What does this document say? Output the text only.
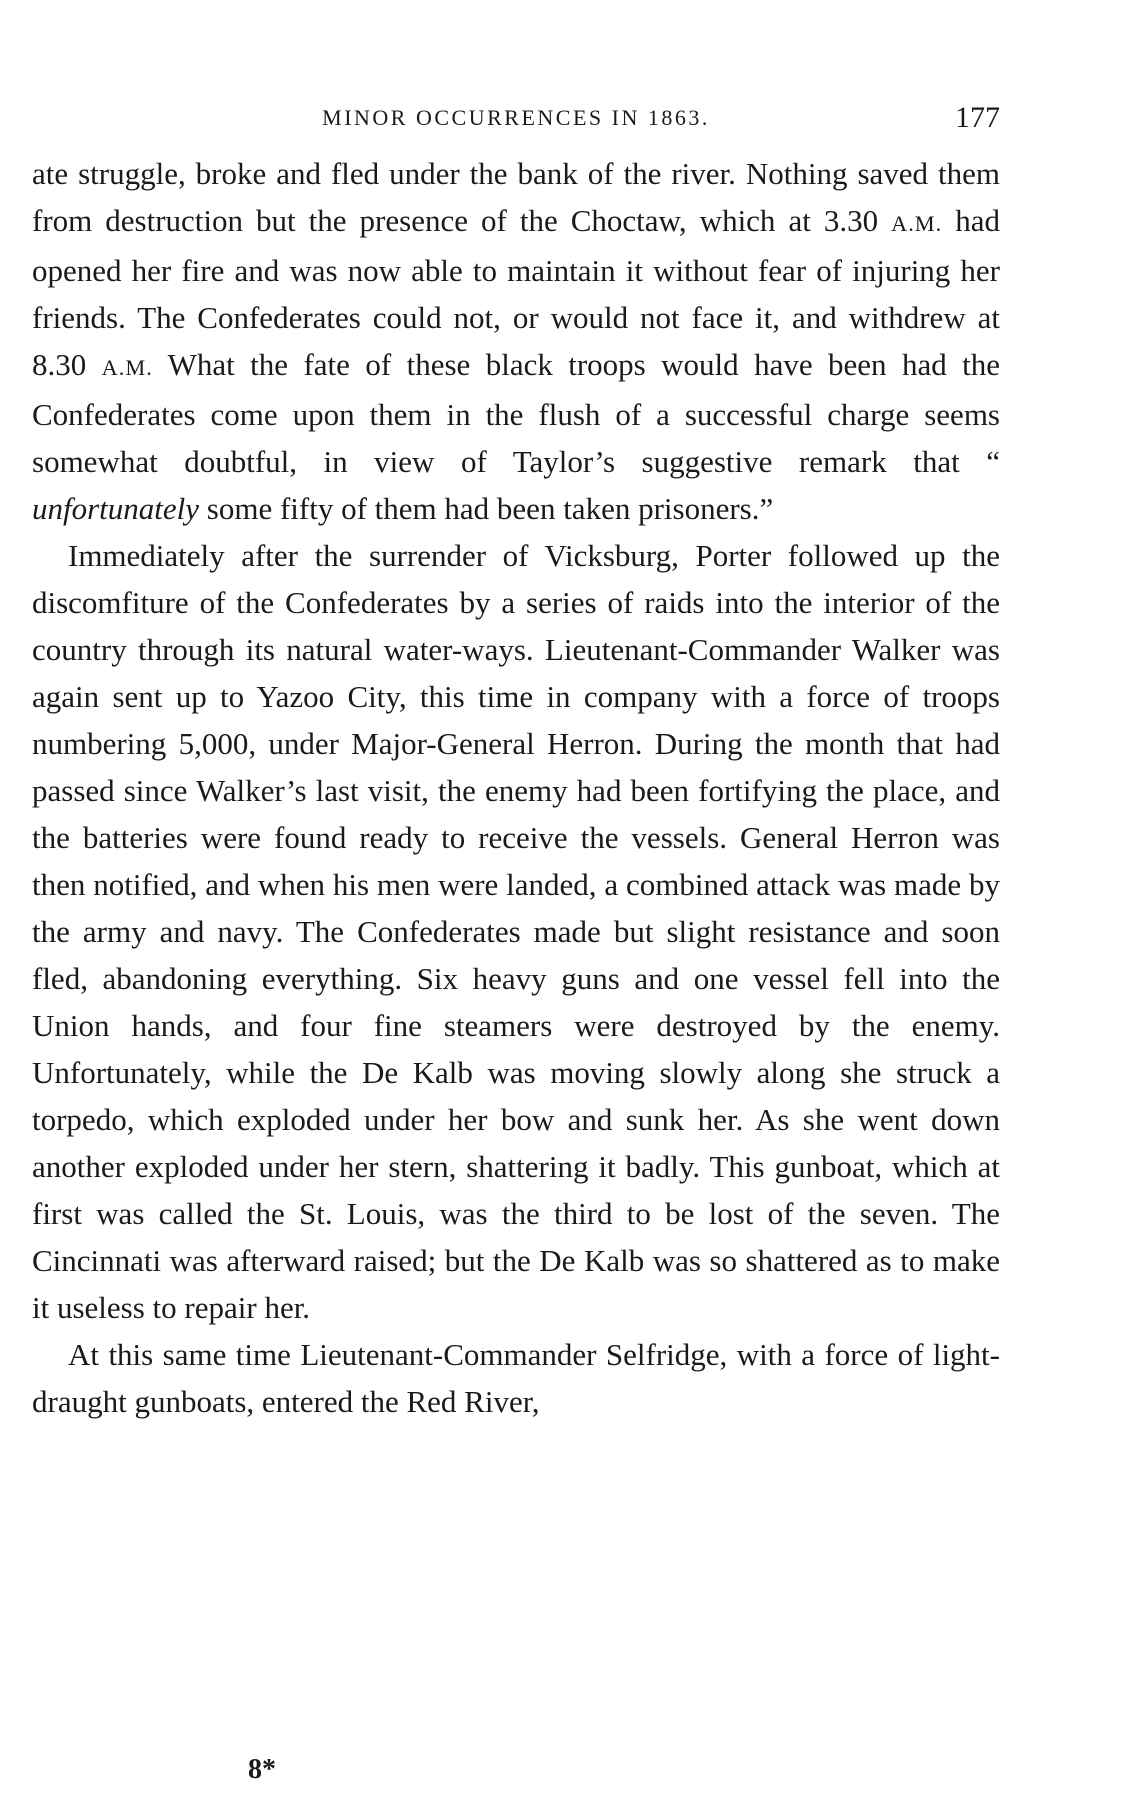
MINOR OCCURRENCES IN 1863.	177

ate struggle, broke and fled under the bank of the river. Nothing saved them from destruction but the presence of the Choctaw, which at 3.30 A.M. had opened her fire and was now able to maintain it without fear of injuring her friends. The Confederates could not, or would not face it, and withdrew at 8.30 A.M. What the fate of these black troops would have been had the Confederates come upon them in the flush of a successful charge seems somewhat doubtful, in view of Taylor’s suggestive remark that “ unfortunately some fifty of them had been taken prisoners.”

Immediately after the surrender of Vicksburg, Porter followed up the discomfiture of the Confederates by a series of raids into the interior of the country through its natural water-ways. Lieutenant-Commander Walker was again sent up to Yazoo City, this time in company with a force of troops numbering 5,000, under Major-General Herron. During the month that had passed since Walker’s last visit, the enemy had been fortifying the place, and the batteries were found ready to receive the vessels. General Herron was then notified, and when his men were landed, a combined attack was made by the army and navy. The Confederates made but slight resistance and soon fled, abandoning everything. Six heavy guns and one vessel fell into the Union hands, and four fine steamers were destroyed by the enemy. Unfortunately, while the De Kalb was moving slowly along she struck a torpedo, which exploded under her bow and sunk her. As she went down another exploded under her stern, shattering it badly. This gunboat, which at first was called the St. Louis, was the third to be lost of the seven. The Cincinnati was afterward raised; but the De Kalb was so shattered as to make it useless to repair her.

At this same time Lieutenant-Commander Selfridge, with a force of light-draught gunboats, entered the Red River,

8*
